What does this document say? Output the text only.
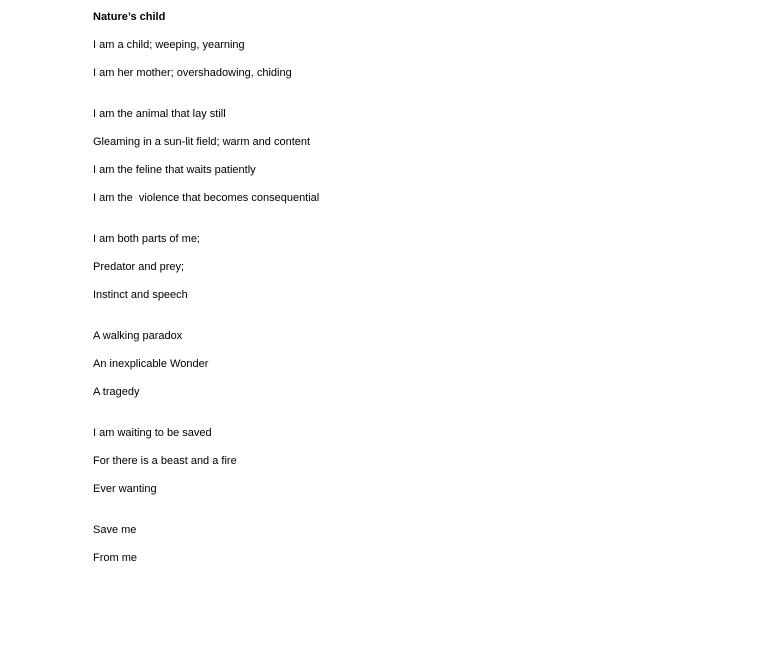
Nature’s child
I am a child; weeping, yearning
I am her mother; overshadowing, chiding
I am the animal that lay still
Gleaming in a sun-lit field; warm and content
I am the feline that waits patiently
I am the  violence that becomes consequential
I am both parts of me;
Predator and prey;
Instinct and speech
A walking paradox
An inexplicable Wonder
A tragedy
I am waiting to be saved
For there is a beast and a fire
Ever wanting
Save me
From me
